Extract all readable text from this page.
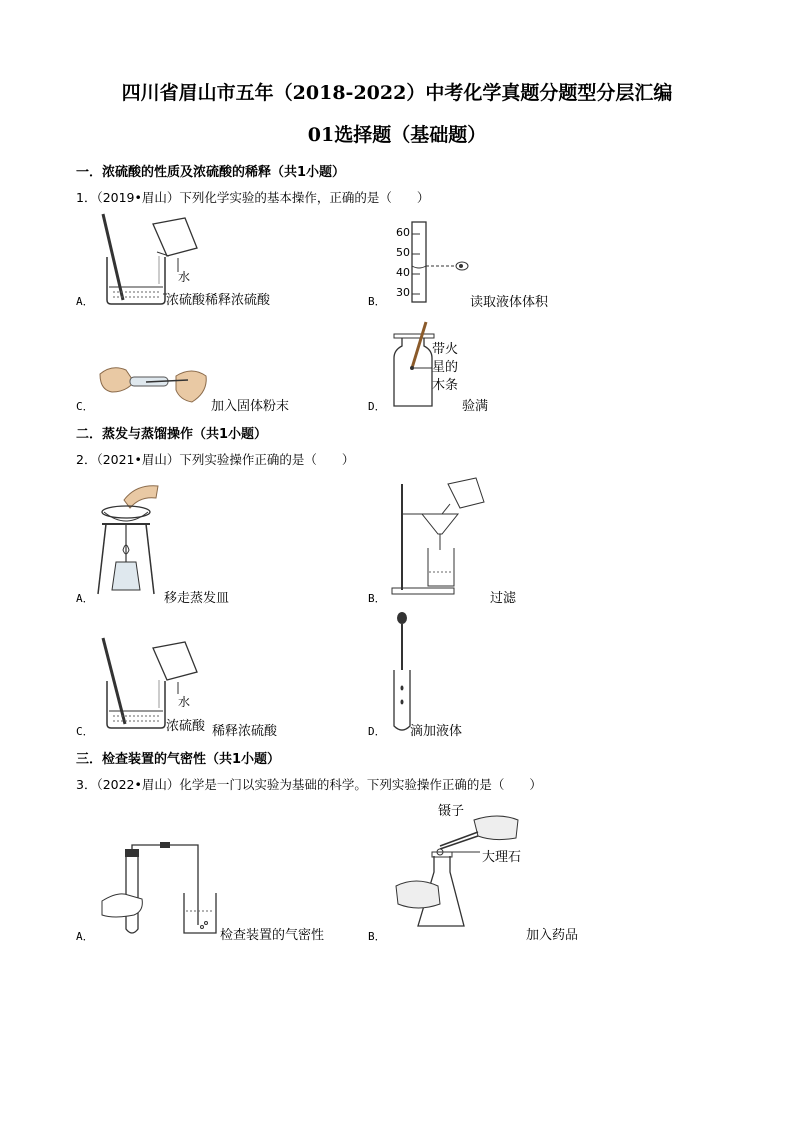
四川省眉山市五年（2018-2022）中考化学真题分题型分层汇编
01选择题（基础题）
一．浓硫酸的性质及浓硫酸的稀释（共1小题）
1．（2019•眉山）下列化学实验的基本操作，正确的是（　　）
水
A．	浓硫酸稀释浓硫酸
60
50
40
30
B．	读取液体体积
C．	加入固体粉末
带火
星的
木条
D．	验满
二．蒸发与蒸馏操作（共1小题）
2．（2021•眉山）下列实验操作正确的是（　　）
A．	移走蒸发皿	B．	过滤
水
浓硫酸
C．	稀释浓硫酸	D． 滴加液体
三．检查装置的气密性（共1小题）
3．（2022•眉山）化学是一门以实验为基础的科学。下列实验操作正确的是（　　）
A．	检查装置的气密性
镊子
大理石
B．	加入药品
